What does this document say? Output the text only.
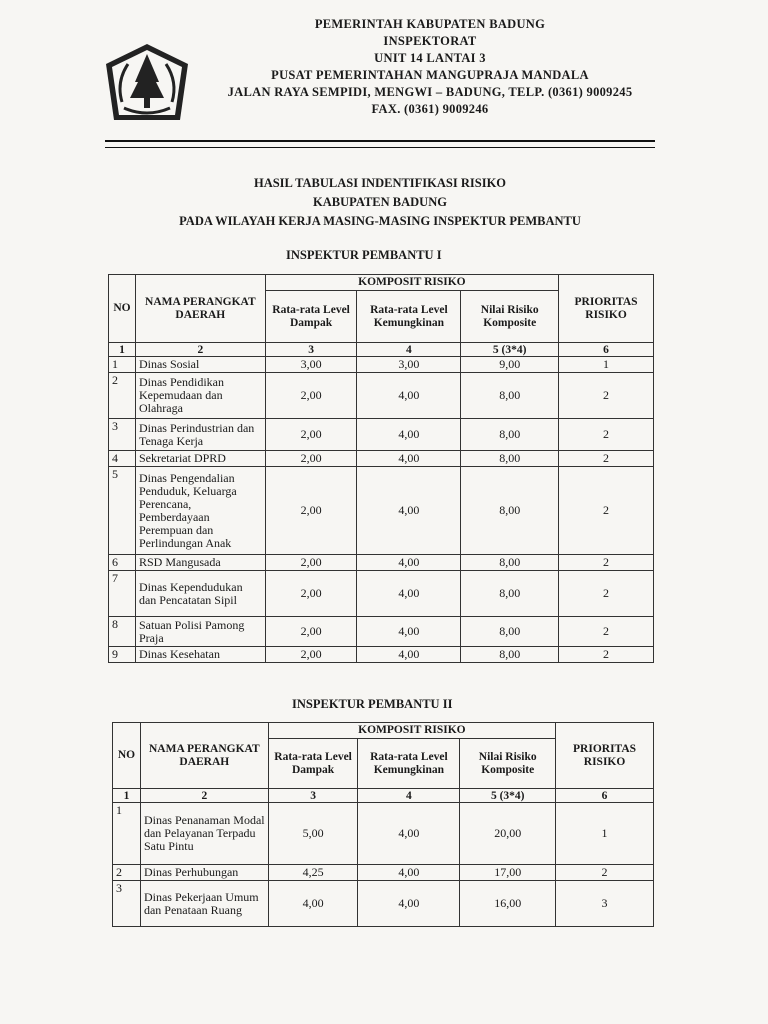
PEMERINTAH KABUPATEN BADUNG
INSPEKTORAT
UNIT 14 LANTAI 3
PUSAT PEMERINTAHAN MANGUPRAJA MANDALA
JALAN RAYA SEMPIDI, MENGWI – BADUNG, TELP. (0361) 9009245
FAX. (0361) 9009246
HASIL TABULASI INDENTIFIKASI RISIKO
KABUPATEN BADUNG
PADA WILAYAH KERJA MASING-MASING INSPEKTUR PEMBANTU
INSPEKTUR PEMBANTU I
NO	NAMA PERANGKAT DAERAH	KOMPOSIT RISIKO			PRIORITAS RISIKO
		Rata-rata Level Dampak	Rata-rata Level Kemungkinan	Nilai Risiko Komposite	
1	2	3	4	5 (3*4)	6
1	Dinas Sosial	3,00	3,00	9,00	1
2	Dinas Pendidikan Kepemudaan dan Olahraga	2,00	4,00	8,00	2
3	Dinas Perindustrian dan Tenaga Kerja	2,00	4,00	8,00	2
4	Sekretariat DPRD	2,00	4,00	8,00	2
5	Dinas Pengendalian Penduduk, Keluarga Perencana, Pemberdayaan Perempuan dan Perlindungan Anak	2,00	4,00	8,00	2
6	RSD Mangusada	2,00	4,00	8,00	2
7	Dinas Kependudukan dan Pencatatan Sipil	2,00	4,00	8,00	2
8	Satuan Polisi Pamong Praja	2,00	4,00	8,00	2
9	Dinas Kesehatan	2,00	4,00	8,00	2
INSPEKTUR PEMBANTU II
NO	NAMA PERANGKAT DAERAH	KOMPOSIT RISIKO			PRIORITAS RISIKO
		Rata-rata Level Dampak	Rata-rata Level Kemungkinan	Nilai Risiko Komposite	
1	2	3	4	5 (3*4)	6
1	Dinas Penanaman Modal dan Pelayanan Terpadu Satu Pintu	5,00	4,00	20,00	1
2	Dinas Perhubungan	4,25	4,00	17,00	2
3	Dinas Pekerjaan Umum dan Penataan Ruang	4,00	4,00	16,00	3
